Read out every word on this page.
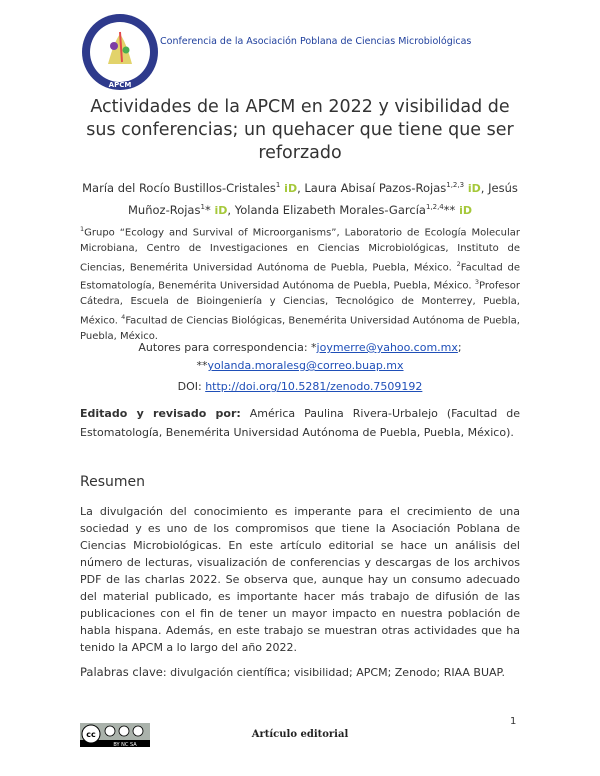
APCM
Conferencia de la Asociación Poblana de Ciencias Microbiológicas
Actividades de la APCM en 2022 y visibilidad de sus conferencias; un quehacer que tiene que ser reforzado
María del Rocío Bustillos-Cristales$^1$ iD, Laura Abisaí Pazos-Rojas$^{1,2,3}$ iD, Jesús Muñoz-Rojas$^1$* iD, Yolanda Elizabeth Morales-García$^{1,2,4}$** iD
$^1$Grupo “Ecology and Survival of Microorganisms”, Laboratorio de Ecología Molecular Microbiana, Centro de Investigaciones en Ciencias Microbiológicas, Instituto de Ciencias, Benemérita Universidad Autónoma de Puebla, Puebla, México. $^2$Facultad de Estomatología, Benemérita Universidad Autónoma de Puebla, Puebla, México. $^3$Profesor Cátedra, Escuela de Bioingeniería y Ciencias, Tecnológico de Monterrey, Puebla, México. $^4$Facultad de Ciencias Biológicas, Benemérita Universidad Autónoma de Puebla, Puebla, México.
Autores para correspondencia: *joymerre@yahoo.com.mx;
**yolanda.moralesg@correo.buap.mx
DOI: http://doi.org/10.5281/zenodo.7509192
Editado y revisado por: América Paulina Rivera-Urbalejo (Facultad de Estomatología, Benemérita Universidad Autónoma de Puebla, Puebla, México).
Resumen
La divulgación del conocimiento es imperante para el crecimiento de una sociedad y es uno de los compromisos que tiene la Asociación Poblana de Ciencias Microbiológicas. En este artículo editorial se hace un análisis del número de lecturas, visualización de conferencias y descargas de los archivos PDF de las charlas 2022. Se observa que, aunque hay un consumo adecuado del material publicado, es importante hacer más trabajo de difusión de las publicaciones con el fin de tener un mayor impacto en nuestra población de habla hispana. Además, en este trabajo se muestran otras actividades que ha tenido la APCM a lo largo del año 2022.
Palabras clave: divulgación científica; visibilidad; APCM; Zenodo; RIAA BUAP.
1
cc
BY NC SA
Artículo editorial
